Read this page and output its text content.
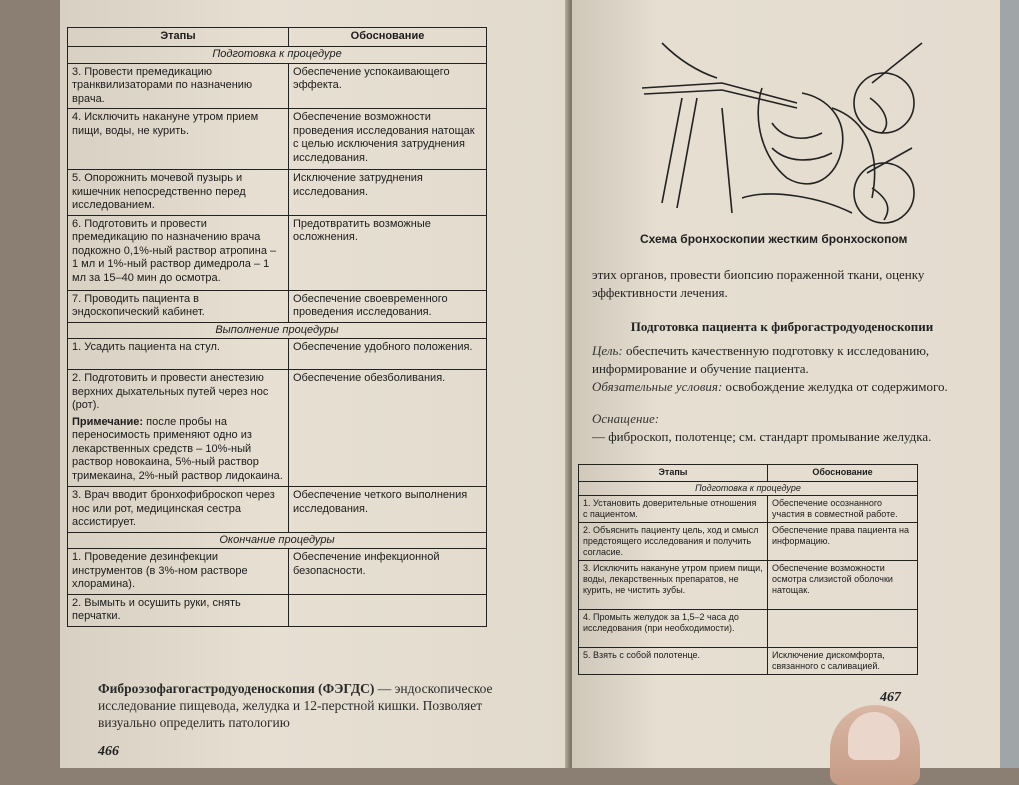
Этапы	Обоснование
Подготовка к процедуре	
3. Провести премедикацию транквилизаторами по назначению врача.	Обеспечение успокаивающего эффекта.
4. Исключить накануне утром прием пищи, воды, не курить.	Обеспечение возможности проведения исследования натощак с целью исключения затруднения исследования.
5. Опорожнить мочевой пузырь и кишечник непосредственно перед исследованием.	Исключение затруднения исследования.
6. Подготовить и провести премедикацию по назначению врача подкожно 0,1%-ный раствор атропина – 1 мл и 1%-ный раствор димедрола – 1 мл за 15–40 мин до осмотра.	Предотвратить возможные осложнения.
7. Проводить пациента в эндоскопический кабинет.	Обеспечение своевременного проведения исследования.
Выполнение процедуры	
1. Усадить пациента на стул.	Обеспечение удобного положения.

2. Подготовить и провести анестезию верхних дыхательных путей через нос (рот).
Примечание: после пробы на переносимость применяют одно из лекарственных средств – 10%-ный раствор новокаина, 5%-ный раствор тримекаина, 2%-ный раствор лидокаина.	Обеспечение обезболивания.
3. Врач вводит бронхофиброскоп через нос или рот, медицинская сестра ассистирует.	Обеспечение четкого выполнения исследования.
Окончание процедуры	
1. Проведение дезинфекции инструментов (в 3%-ном растворе хлорамина).	Обеспечение инфекционной безопасности.
2. Вымыть и осушить руки, снять перчатки.	
Фиброэзофагогастродуоденоскопия (ФЭГДС) — эндоскопическое исследование пищевода, желудка и 12-перстной кишки. Позволяет визуально определить патологию
466
Схема бронхоскопии жестким бронхоскопом
этих органов, провести биопсию пораженной ткани, оценку эффективности лечения.
Подготовка пациента к фиброгастродуоденоскопии
Цель: обеспечить качественную подготовку к исследованию, информирование и обучение пациента.
Обязательные условия: освобождение желудка от содержимого.
Оснащение:
— фиброскоп, полотенце; см. стандарт промывание желудка.
Этапы	Обоснование
Подготовка к процедуре	
1. Установить доверительные отношения с пациентом.	Обеспечение осознанного участия в совместной работе.
2. Объяснить пациенту цель, ход и смысл предстоящего исследования и получить согласие.	Обеспечение права пациента на информацию.
3. Исключить накануне утром прием пищи, воды, лекарственных препаратов, не курить, не чистить зубы.	Обеспечение возможности осмотра слизистой оболочки натощак.
4. Промыть желудок за 1,5–2 часа до исследования (при необходимости).	
5. Взять с собой полотенце.	Исключение дискомфорта, связанного с саливацией.
467
